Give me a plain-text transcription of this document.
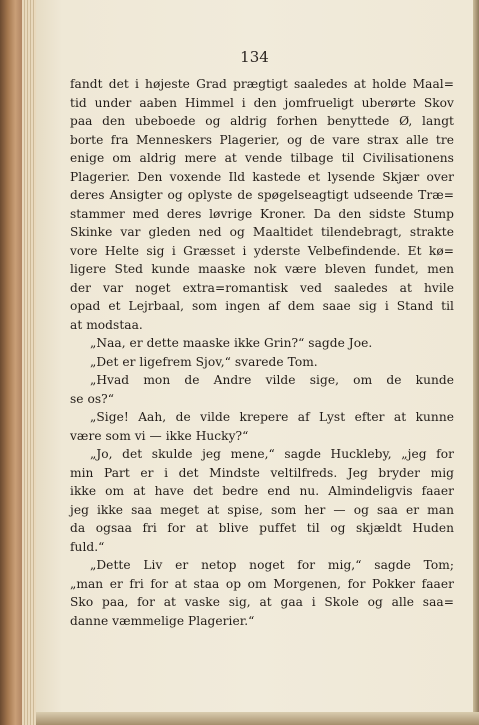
134
fandt det i højeste Grad prægtigt saaledes at holde Maal=
tid under aaben Himmel i den jomfrueligt uberørte Skov
paa den ubeboede og aldrig forhen benyttede Ø, langt
borte fra Menneskers Plagerier, og de vare strax alle tre
enige om aldrig mere at vende tilbage til Civilisationens
Plagerier. Den voxende Ild kastede et lysende Skjær over
deres Ansigter og oplyste de spøgelseagtigt udseende Træ=
stammer med deres løvrige Kroner. Da den sidste Stump
Skinke var gleden ned og Maaltidet tilendebragt, strakte
vore Helte sig i Græsset i yderste Velbefindende. Et kø=
ligere Sted kunde maaske nok være bleven fundet, men
der var noget extra=romantisk ved saaledes at hvile
opad et Lejrbaal, som ingen af dem saae sig i Stand til
at modstaa.
„Naa, er dette maaske ikke Grin?“ sagde Joe.
„Det er ligefrem Sjov,“ svarede Tom.
„Hvad mon de Andre vilde sige, om de kunde
se os?“
„Sige! Aah, de vilde krepere af Lyst efter at kunne
være som vi — ikke Hucky?“
„Jo, det skulde jeg mene,“ sagde Huckleby, „jeg for
min Part er i det Mindste veltilfreds. Jeg bryder mig
ikke om at have det bedre end nu. Almindeligvis faaer
jeg ikke saa meget at spise, som her — og saa er man
da ogsaa fri for at blive puffet til og skjældt Huden
fuld.“
„Dette Liv er netop noget for mig,“ sagde Tom;
„man er fri for at staa op om Morgenen, for Pokker faaer
Sko paa, for at vaske sig, at gaa i Skole og alle saa=
danne væmmelige Plagerier.“
